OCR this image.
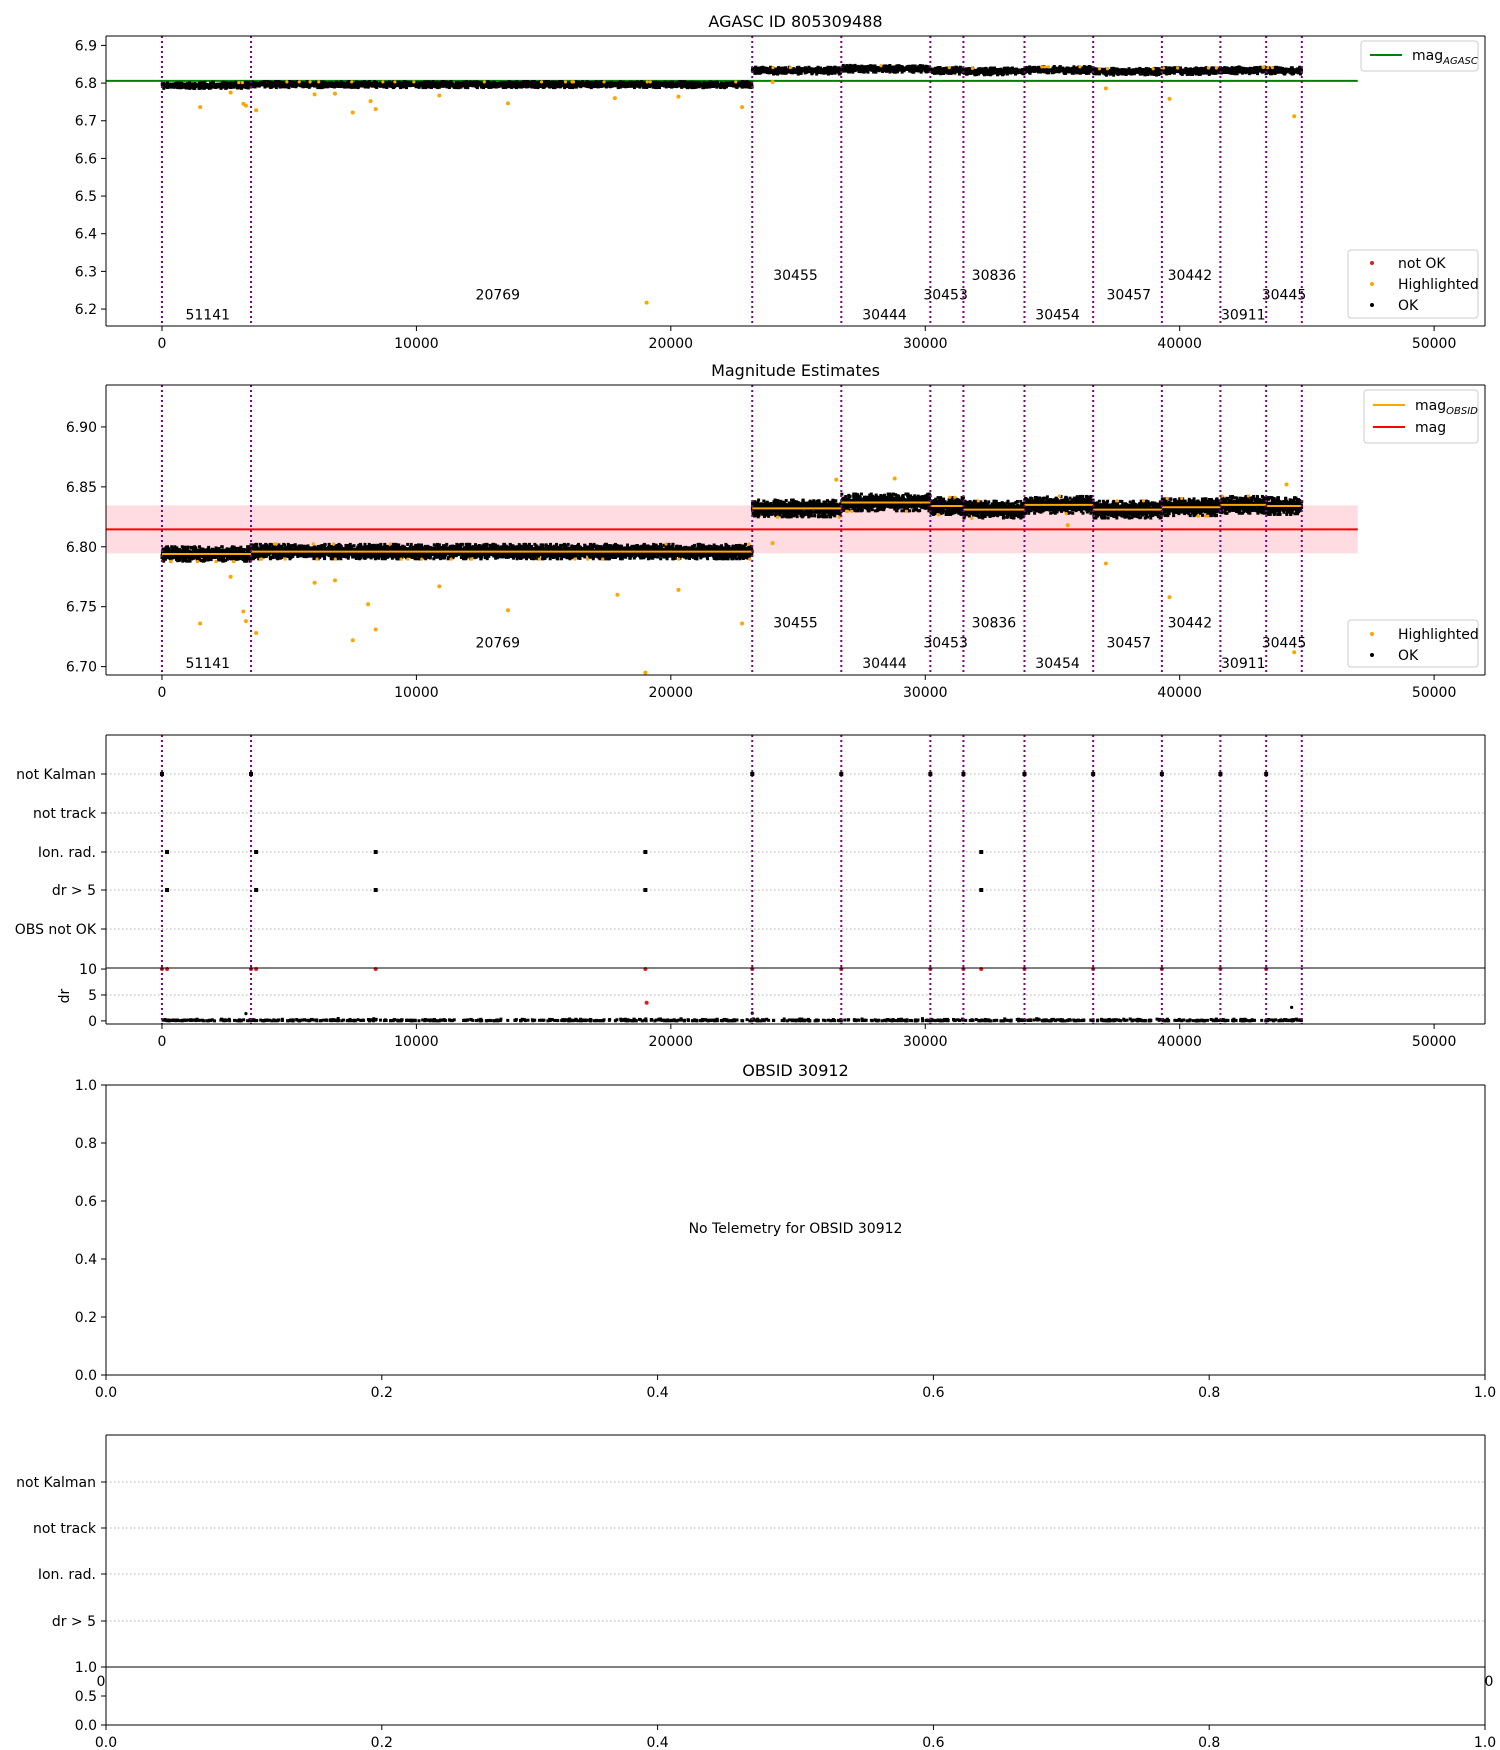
AGASC ID 805309488
51141
20769
30455
30444
30453
30836
30454
30457
30442
30911
30445
0	10000	20000	30000	40000	50000
6.2
6.3
6.4
6.5
6.6
6.7
6.8
6.9
mag$_{AGASC}$
not OK
Highlighted
OK
Magnitude Estimates
51141
20769
30455
30444
30453
30836
30454
30457
30442
30911
30445
0	10000	20000	30000	40000	50000
6.70
6.75
6.80
6.85
6.90
mag$_{OBSID}$
mag
Highlighted
OK
not Kalman
not track
Ion. rad.
dr > 5
OBS not OK
0	10000	20000	30000	40000	50000
0
5
10
dr
OBSID 30912
No Telemetry for OBSID 30912
0.0	0.2	0.4	0.6	0.8	1.0
0.0
0.2
0.4
0.6
0.8
1.0
not Kalman
not track
Ion. rad.
dr > 5
0	0
0.0	0.2	0.4	0.6	0.8	1.0
0.0
0.5
1.0
